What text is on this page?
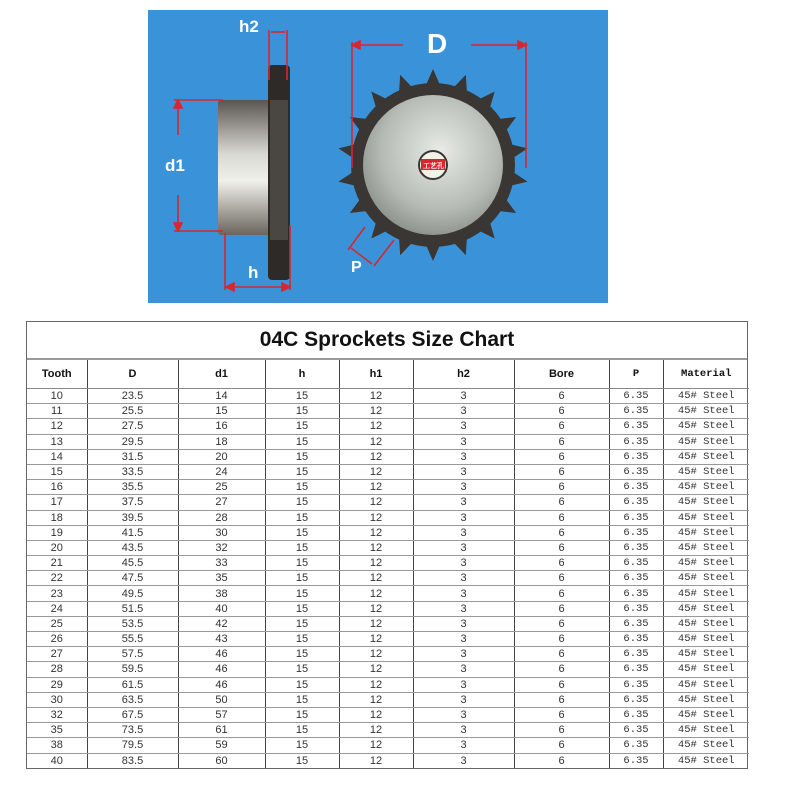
h2
d1
h
D
P
工艺孔
04C Sprockets Size Chart
Tooth	D	d1	h	h1	h2	Bore	P	Material
10	23.5	14	15	12	3	6	6.35	45# Steel
11	25.5	15	15	12	3	6	6.35	45# Steel
12	27.5	16	15	12	3	6	6.35	45# Steel
13	29.5	18	15	12	3	6	6.35	45# Steel
14	31.5	20	15	12	3	6	6.35	45# Steel
15	33.5	24	15	12	3	6	6.35	45# Steel
16	35.5	25	15	12	3	6	6.35	45# Steel
17	37.5	27	15	12	3	6	6.35	45# Steel
18	39.5	28	15	12	3	6	6.35	45# Steel
19	41.5	30	15	12	3	6	6.35	45# Steel
20	43.5	32	15	12	3	6	6.35	45# Steel
21	45.5	33	15	12	3	6	6.35	45# Steel
22	47.5	35	15	12	3	6	6.35	45# Steel
23	49.5	38	15	12	3	6	6.35	45# Steel
24	51.5	40	15	12	3	6	6.35	45# Steel
25	53.5	42	15	12	3	6	6.35	45# Steel
26	55.5	43	15	12	3	6	6.35	45# Steel
27	57.5	46	15	12	3	6	6.35	45# Steel
28	59.5	46	15	12	3	6	6.35	45# Steel
29	61.5	46	15	12	3	6	6.35	45# Steel
30	63.5	50	15	12	3	6	6.35	45# Steel
32	67.5	57	15	12	3	6	6.35	45# Steel
35	73.5	61	15	12	3	6	6.35	45# Steel
38	79.5	59	15	12	3	6	6.35	45# Steel
40	83.5	60	15	12	3	6	6.35	45# Steel
